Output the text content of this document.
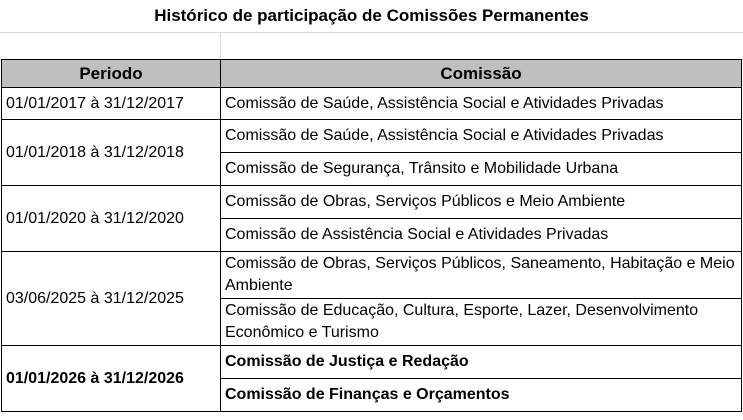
Histórico de participação de Comissões Permanentes
Periodo	Comissão
01/01/2017 à 31/12/2017	Comissão de Saúde, Assistência Social e Atividades Privadas
01/01/2018 à 31/12/2018	Comissão de Saúde, Assistência Social e Atividades Privadas
	Comissão de Segurança, Trânsito e Mobilidade Urbana
01/01/2020 à 31/12/2020	Comissão de Obras, Serviços Públicos e Meio Ambiente
	Comissão de Assistência Social e Atividades Privadas
03/06/2025 à 31/12/2025	Comissão de Obras, Serviços Públicos, Saneamento, Habitação e Meio Ambiente
	Comissão de Educação, Cultura, Esporte, Lazer, Desenvolvimento Econômico e Turismo
01/01/2026 à 31/12/2026	Comissão de Justiça e Redação
	Comissão de Finanças e Orçamentos
